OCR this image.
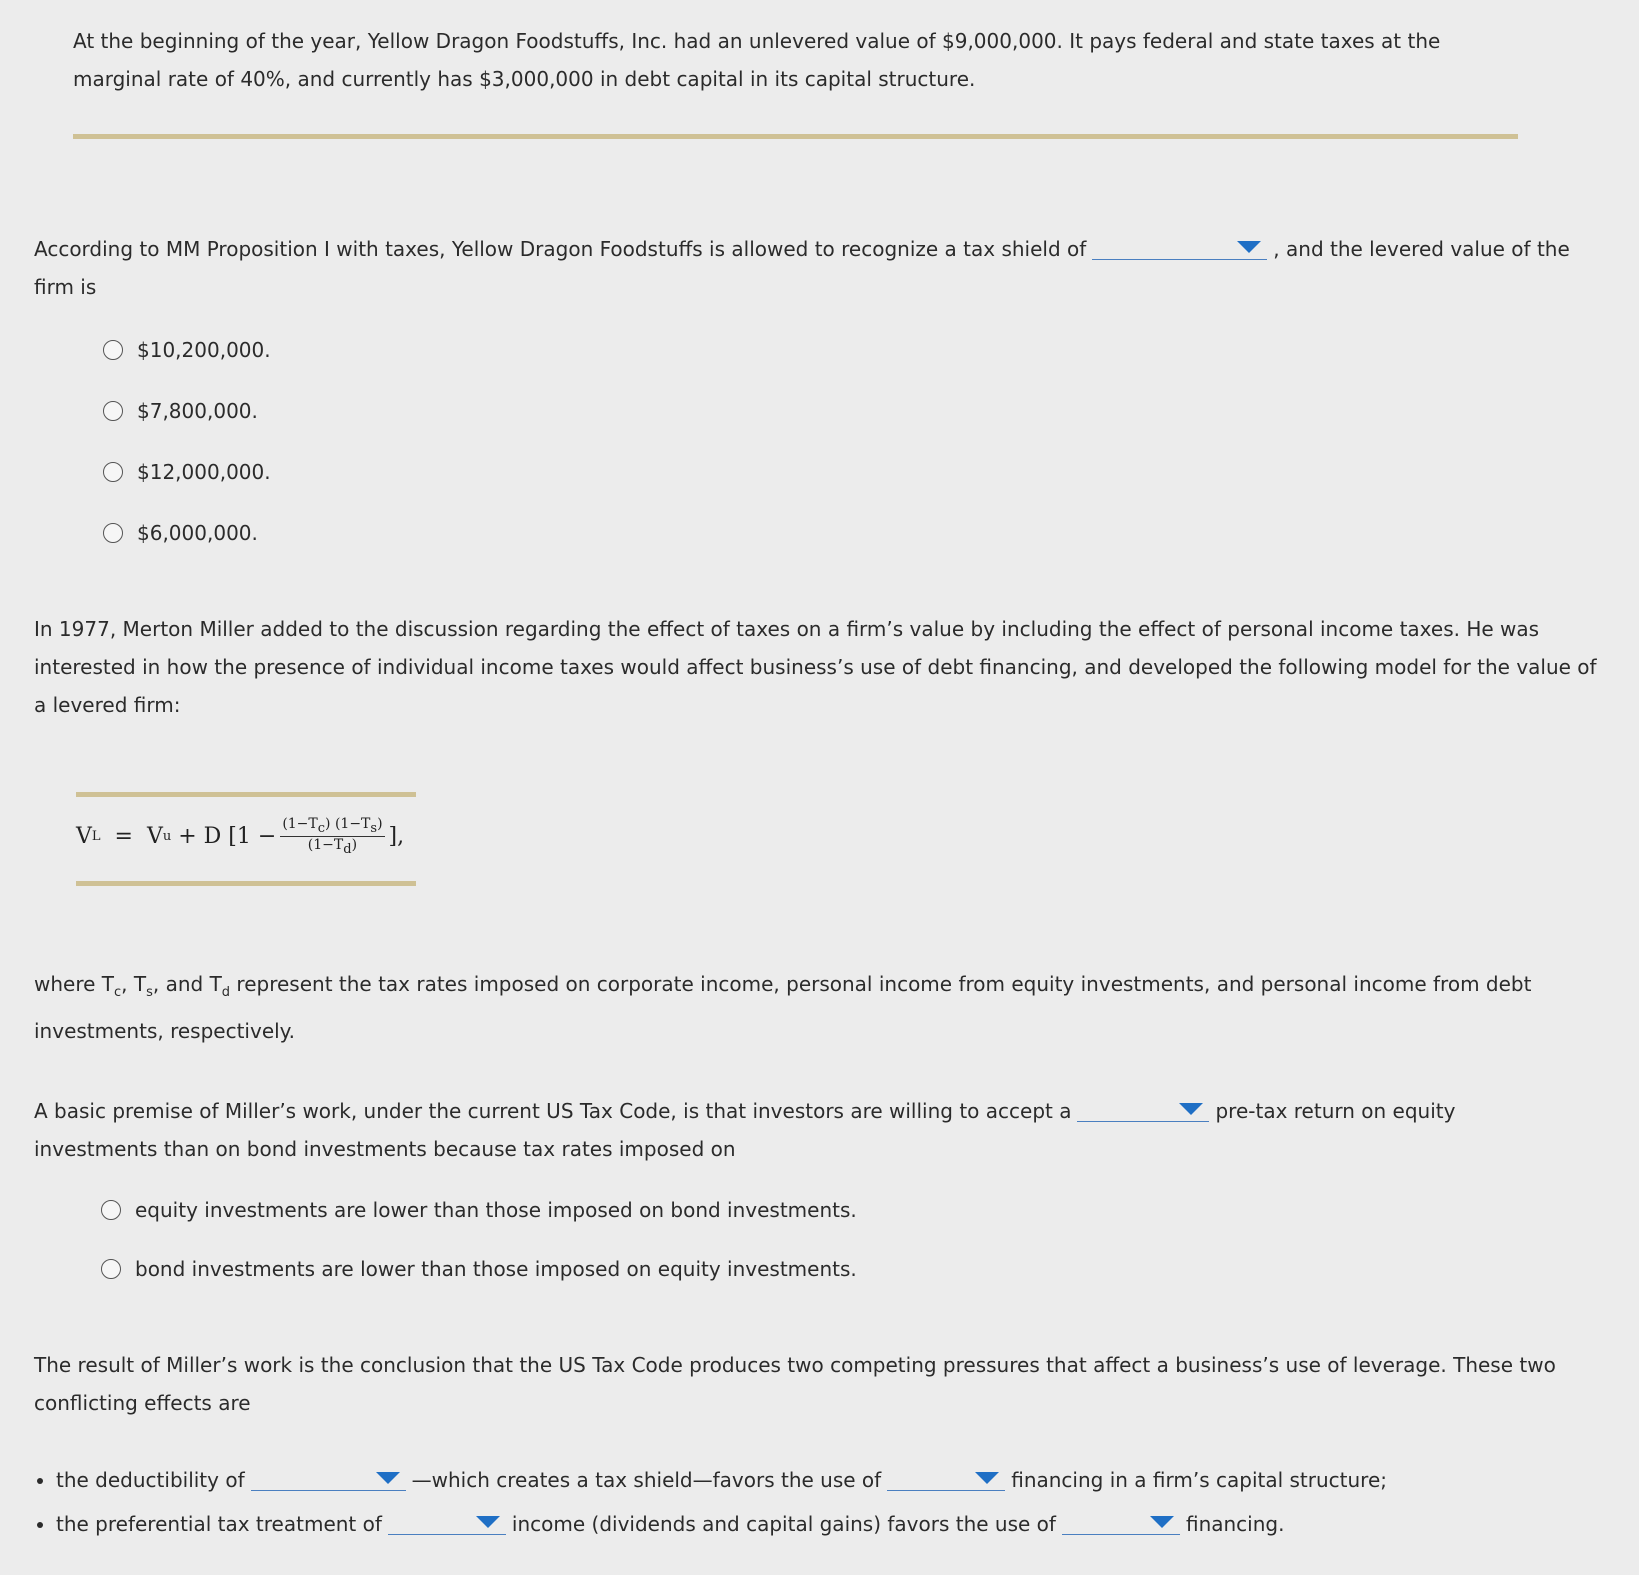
At the beginning of the year, Yellow Dragon Foodstuffs, Inc. had an unlevered value of $9,000,000. It pays federal and state taxes at the marginal rate of 40%, and currently has $3,000,000 in debt capital in its capital structure.
According to MM Proposition I with taxes, Yellow Dragon Foodstuffs is allowed to recognize a tax shield of	, and the levered value of the firm is
$10,200,000.
$7,800,000.
$12,000,000.
$6,000,000.
In 1977, Merton Miller added to the discussion regarding the effect of taxes on a firm’s value by including the effect of personal income taxes. He was interested in how the presence of individual income taxes would affect business’s use of debt financing, and developed the following model for the value of a levered firm:
V L
=
V u
+ D [$1 - \frac{(1-T_c) (1-T_s)}{(1-T_d)}$ ],
where $T_c$, $T_s$, and $T_d$ represent the tax rates imposed on corporate income, personal income from equity investments, and personal income from debt investments, respectively.
A basic premise of Miller’s work, under the current US Tax Code, is that investors are willing to accept a	pre-tax return on equity investments than on bond investments because tax rates imposed on
equity investments are lower than those imposed on bond investments.
bond investments are lower than those imposed on equity investments.
The result of Miller’s work is the conclusion that the US Tax Code produces two competing pressures that affect a business’s use of leverage. These two conflicting effects are
• the deductibility of	—which creates a tax shield—favors the use of	financing in a firm’s capital structure;
• the preferential tax treatment of	income (dividends and capital gains) favors the use of	financing.
